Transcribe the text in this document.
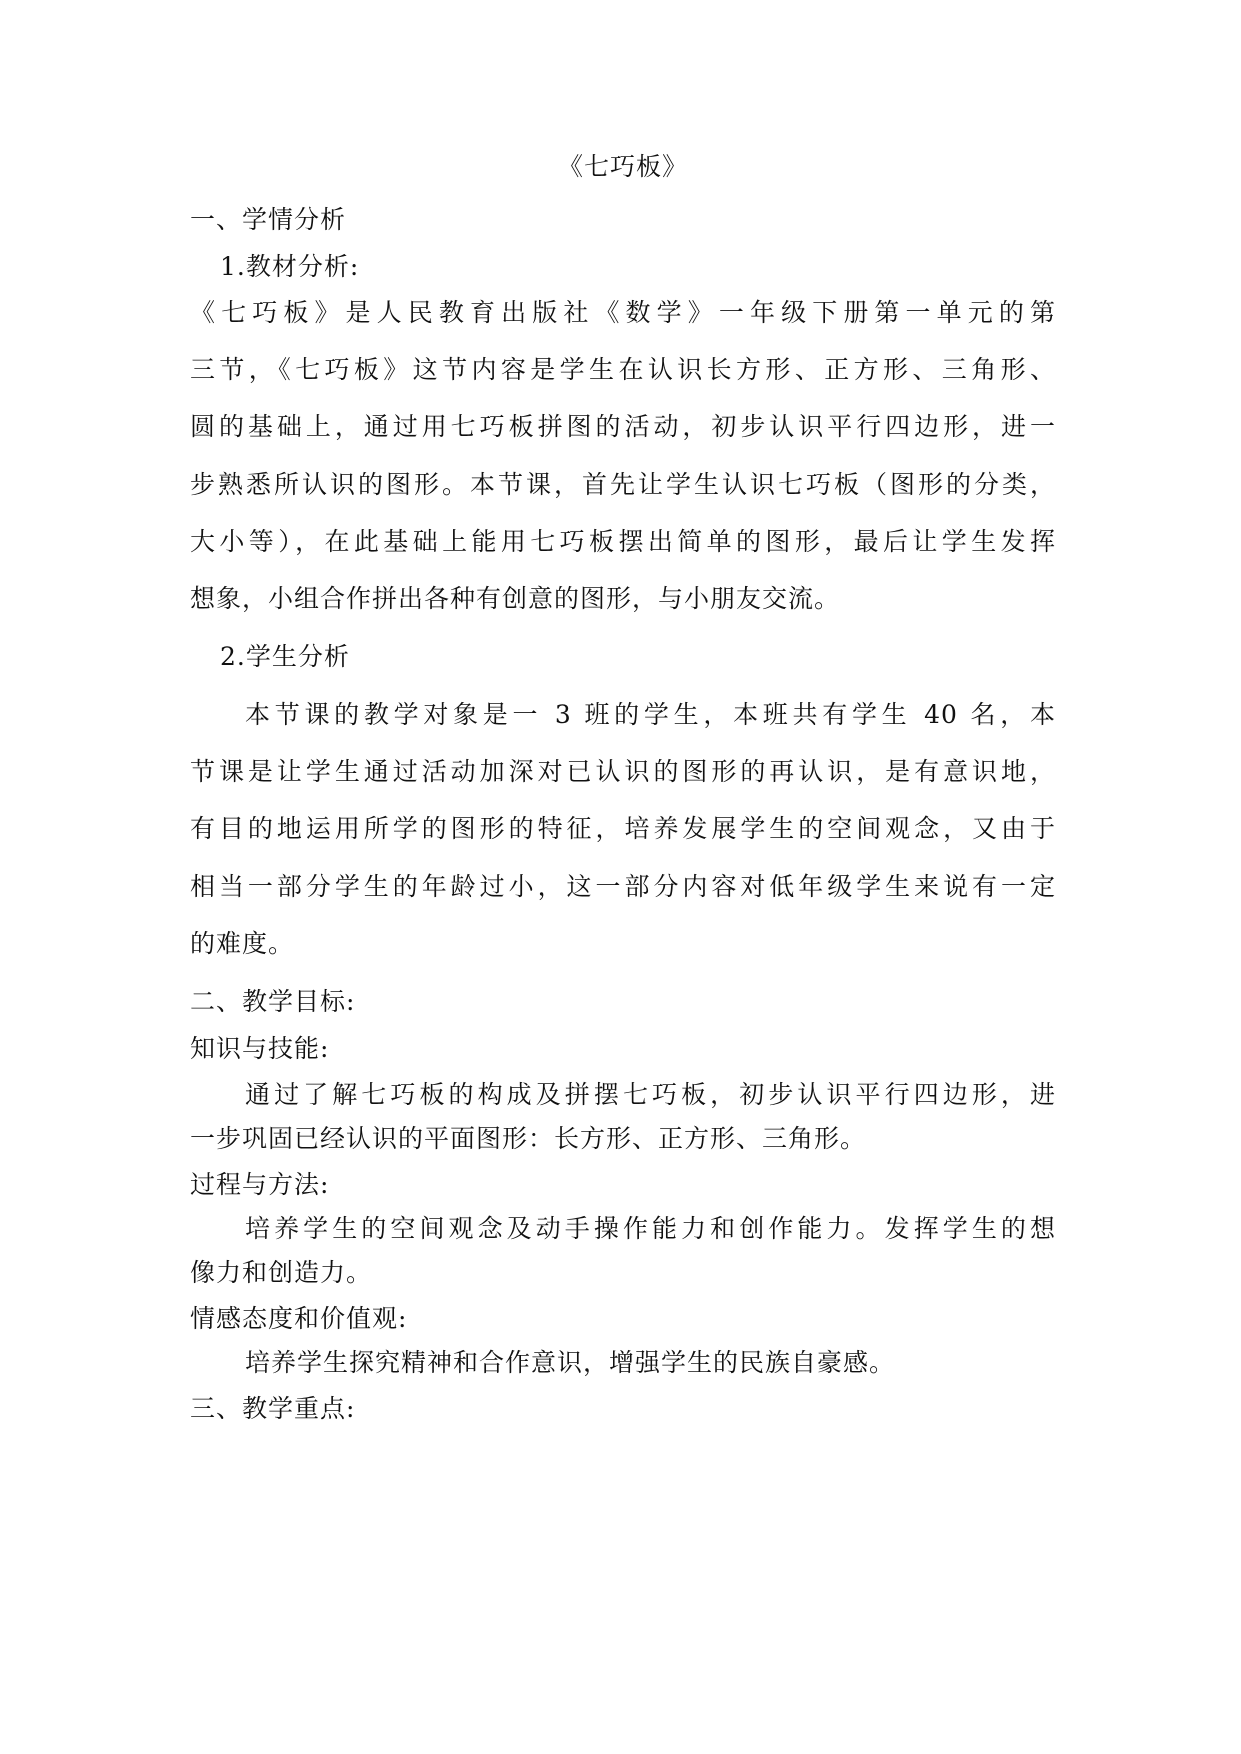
《七巧板》
一、学情分析
1.教材分析:
《七巧板》是人民教育出版社《数学》一年级下册第一单元的第
三节，《七巧板》这节内容是学生在认识长方形、正方形、三角形、
圆的基础上，通过用七巧板拼图的活动，初步认识平行四边形，进一
步熟悉所认识的图形。本节课，首先让学生认识七巧板（图形的分类，
大小等），在此基础上能用七巧板摆出简单的图形，最后让学生发挥
想象，小组合作拼出各种有创意的图形，与小朋友交流。
2.学生分析
本节课的教学对象是一 3 班的学生，本班共有学生 40 名，本
节课是让学生通过活动加深对已认识的图形的再认识，是有意识地，
有目的地运用所学的图形的特征，培养发展学生的空间观念，又由于
相当一部分学生的年龄过小，这一部分内容对低年级学生来说有一定
的难度。
二、教学目标:
知识与技能:
通过了解七巧板的构成及拼摆七巧板，初步认识平行四边形，进
一步巩固已经认识的平面图形：长方形、正方形、三角形。
过程与方法:
培养学生的空间观念及动手操作能力和创作能力。发挥学生的想
像力和创造力。
情感态度和价值观:
培养学生探究精神和合作意识，增强学生的民族自豪感。
三、教学重点:
